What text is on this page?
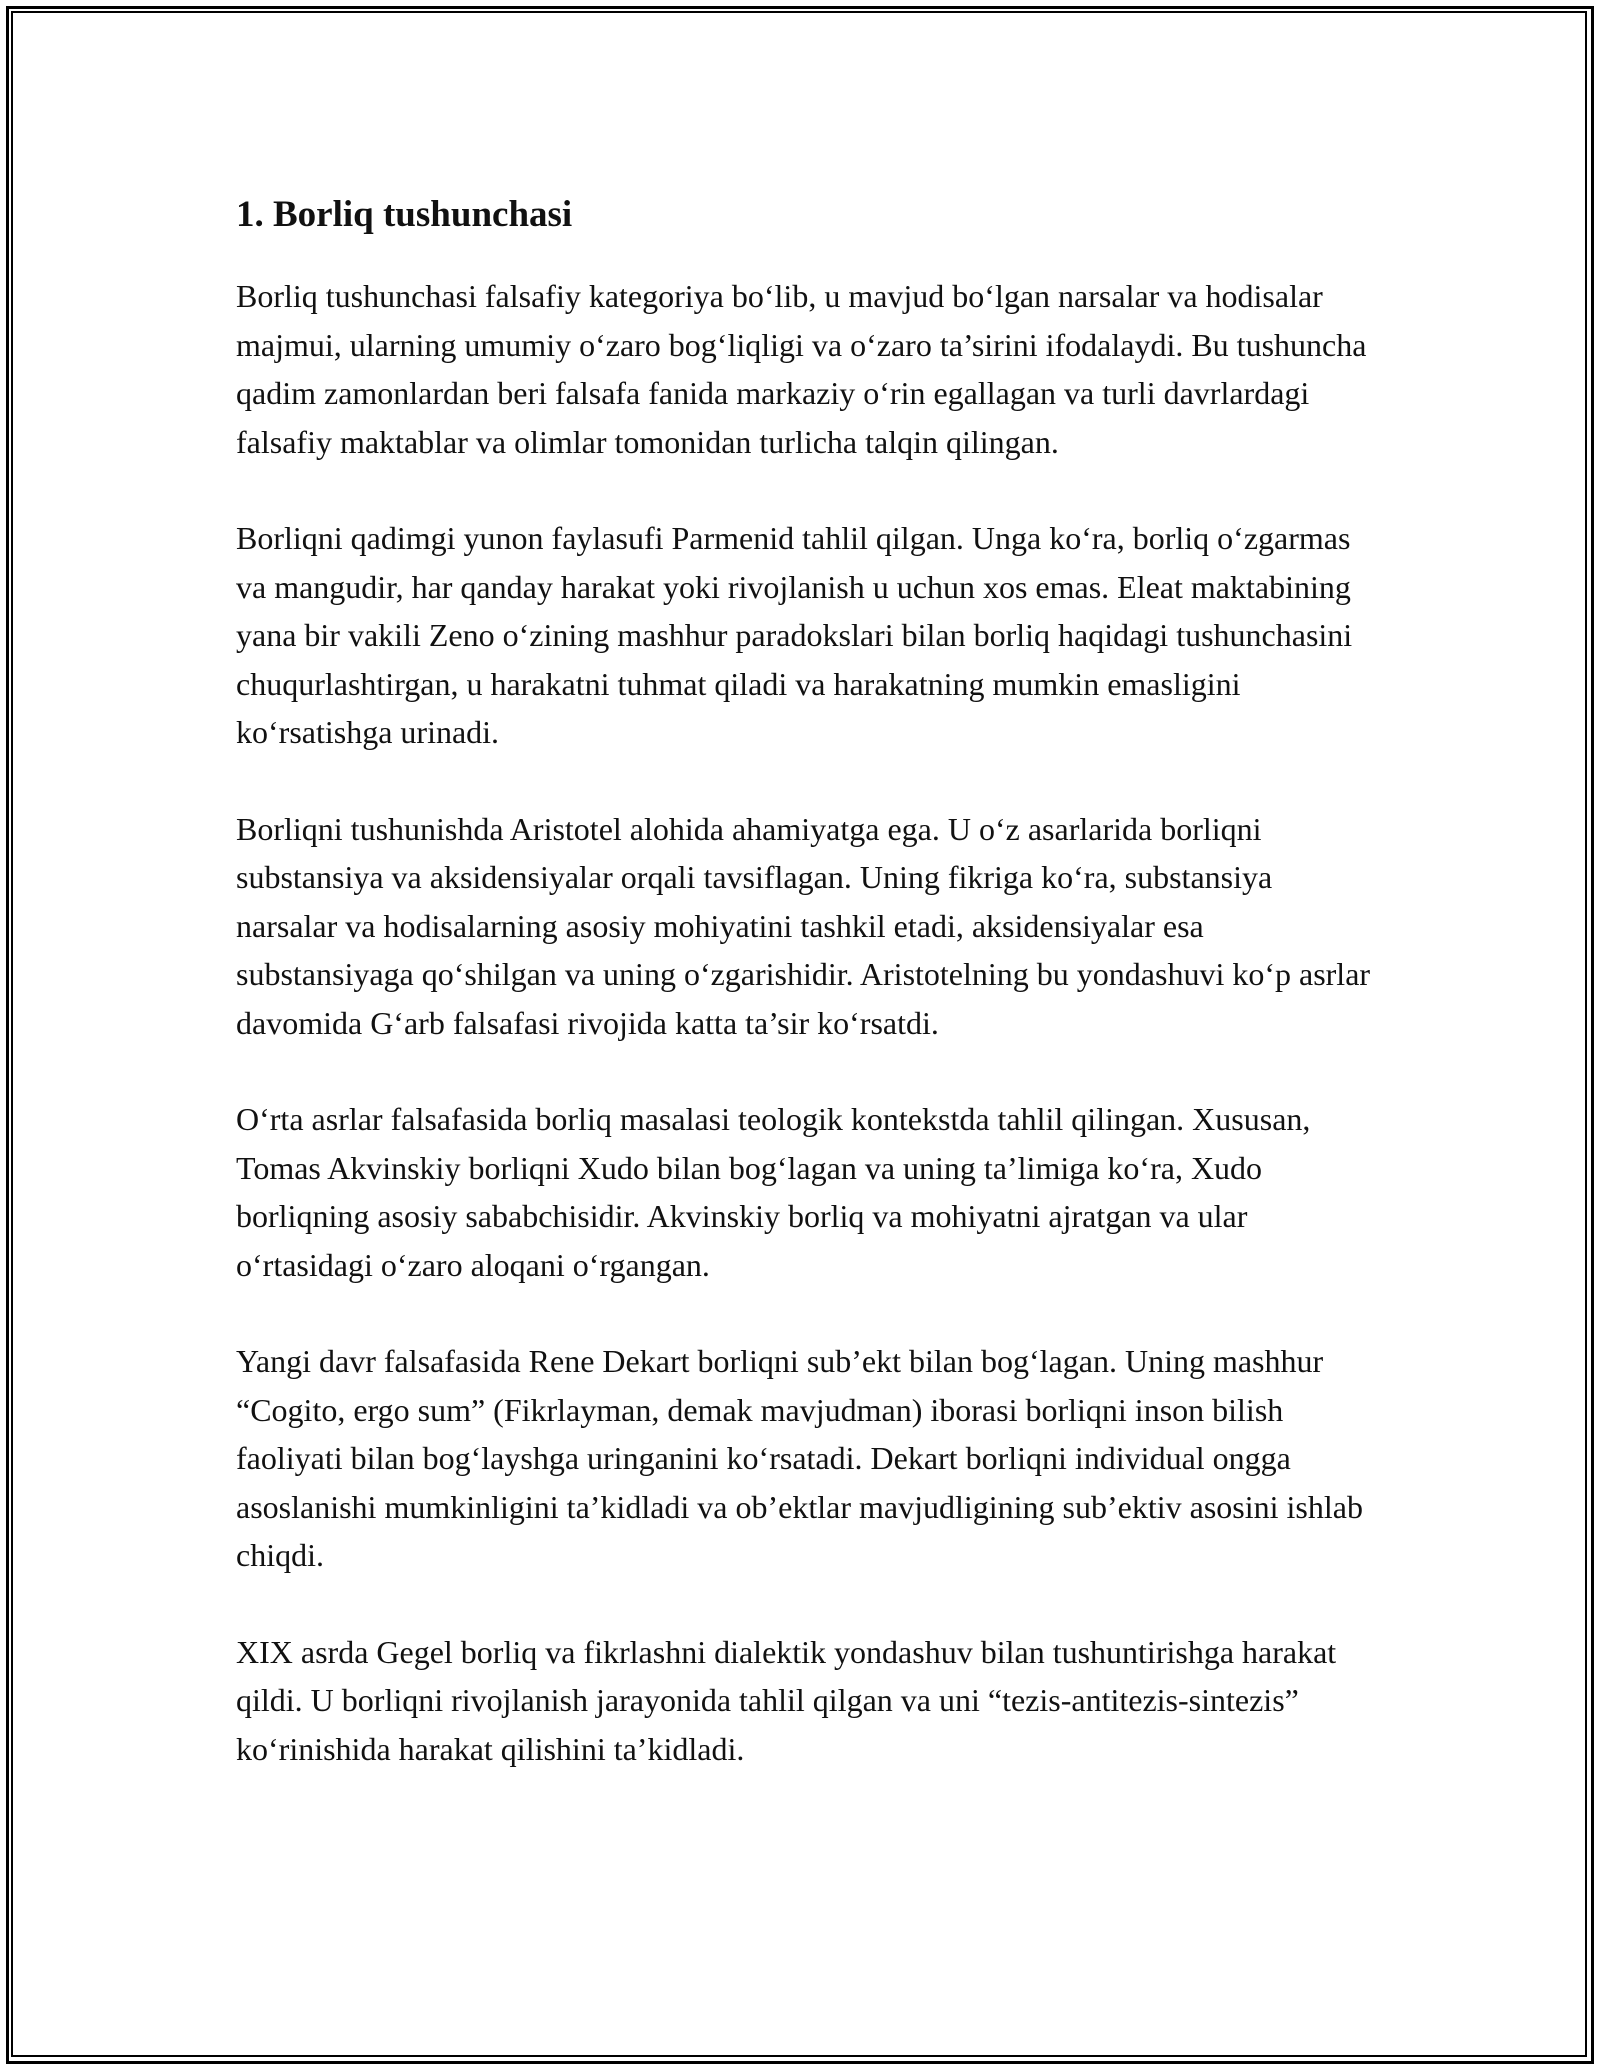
1. Borliq tushunchasi

Borliq tushunchasi falsafiy kategoriya bo‘lib, u mavjud bo‘lgan narsalar va hodisalar majmui, ularning umumiy o‘zaro bog‘liqligi va o‘zaro ta’sirini ifodalaydi. Bu tushuncha qadim zamonlardan beri falsafa fanida markaziy o‘rin egallagan va turli davrlardagi falsafiy maktablar va olimlar tomonidan turlicha talqin qilingan.

Borliqni qadimgi yunon faylasufi Parmenid tahlil qilgan. Unga ko‘ra, borliq o‘zgarmas va mangudir, har qanday harakat yoki rivojlanish u uchun xos emas. Eleat maktabining yana bir vakili Zeno o‘zining mashhur paradokslari bilan borliq haqidagi tushunchasini chuqurlashtirgan, u harakatni tuhmat qiladi va harakatning mumkin emasligini ko‘rsatishga urinadi.

Borliqni tushunishda Aristotel alohida ahamiyatga ega. U o‘z asarlarida borliqni substansiya va aksidensiyalar orqali tavsiflagan. Uning fikriga ko‘ra, substansiya narsalar va hodisalarning asosiy mohiyatini tashkil etadi, aksidensiyalar esa substansiyaga qo‘shilgan va uning o‘zgarishidir. Aristotelning bu yondashuvi ko‘p asrlar davomida G‘arb falsafasi rivojida katta ta’sir ko‘rsatdi.

O‘rta asrlar falsafasida borliq masalasi teologik kontekstda tahlil qilingan. Xususan, Tomas Akvinskiy borliqni Xudo bilan bog‘lagan va uning ta’limiga ko‘ra, Xudo borliqning asosiy sababchisidir. Akvinskiy borliq va mohiyatni ajratgan va ular o‘rtasidagi o‘zaro aloqani o‘rgangan.

Yangi davr falsafasida Rene Dekart borliqni sub’ekt bilan bog‘lagan. Uning mashhur “Cogito, ergo sum” (Fikrlayman, demak mavjudman) iborasi borliqni inson bilish faoliyati bilan bog‘layshga uringanini ko‘rsatadi. Dekart borliqni individual ongga asoslanishi mumkinligini ta’kidladi va ob’ektlar mavjudligining sub’ektiv asosini ishlab chiqdi.

XIX asrda Gegel borliq va fikrlashni dialektik yondashuv bilan tushuntirishga harakat qildi. U borliqni rivojlanish jarayonida tahlil qilgan va uni “tezis-antitezis-sintezis” ko‘rinishida harakat qilishini ta’kidladi.
